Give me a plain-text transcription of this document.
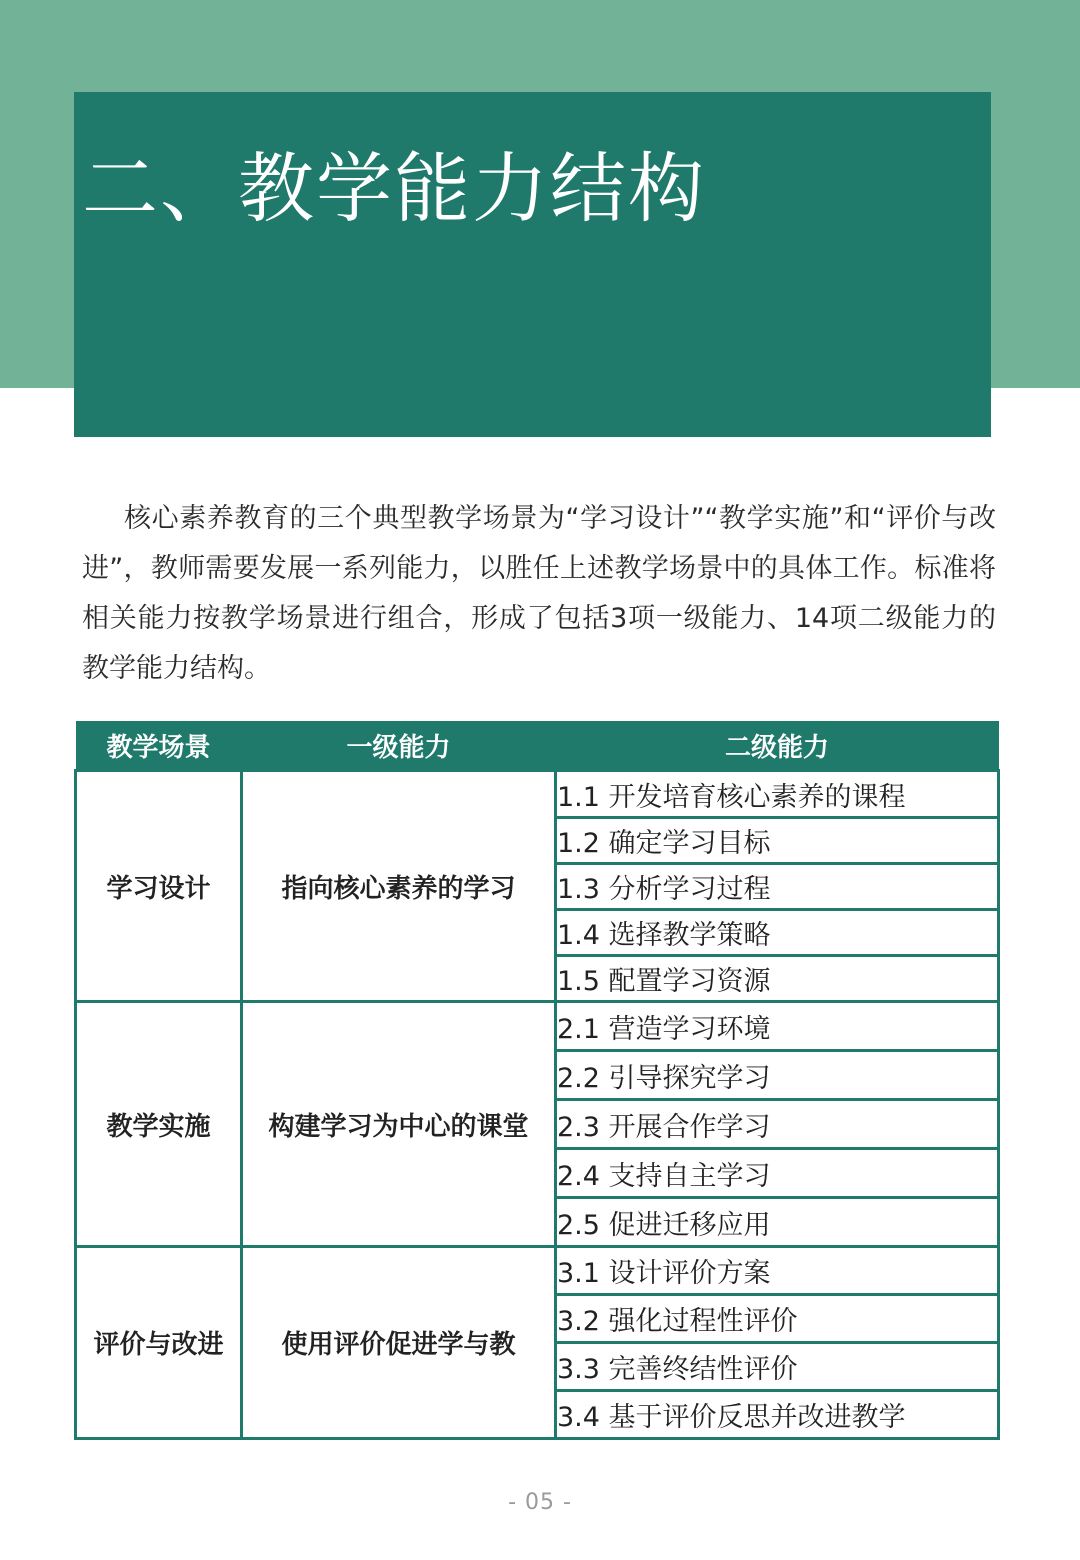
二、教学能力结构

核心素养教育的三个典型教学场景为“学习设计”“教学实施”和“评价与改进”，教师需要发展一系列能力，以胜任上述教学场景中的具体工作。标准将相关能力按教学场景进行组合，形成了包括3项一级能力、14项二级能力的教学能力结构。

教学场景	一级能力	二级能力
学习设计	指向核心素养的学习	1.1 开发培育核心素养的课程
		1.2 确定学习目标
		1.3 分析学习过程
		1.4 选择教学策略
		1.5 配置学习资源
教学实施	构建学习为中心的课堂	2.1 营造学习环境
		2.2 引导探究学习
		2.3 开展合作学习
		2.4 支持自主学习
		2.5 促进迁移应用
评价与改进	使用评价促进学与教	3.1 设计评价方案
		3.2 强化过程性评价
		3.3 完善终结性评价
		3.4 基于评价反思并改进教学
- 05 -
